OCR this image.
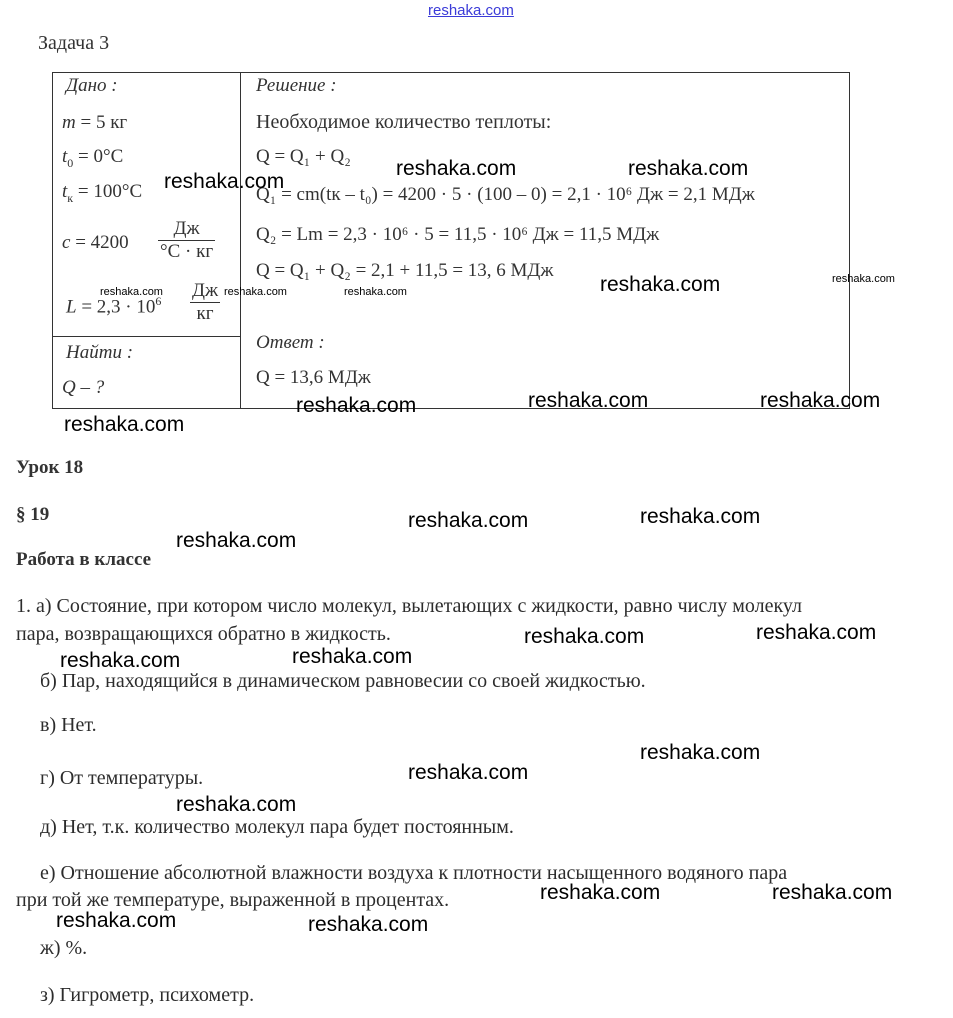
reshaka.com
Задача 3
Дано :
m = 5 кг
$t_0 = 0^\circ C$
$t_к = 100^\circ C$
c = 4200
Дж
°C · кг
$L = 2,3 \cdot 10^6$ Дж
кг
Найти :
Q – ?
Решение :
Необходимое количество теплоты:
Q = Q₁ + Q₂
Q₁ = cm(tк – t₀) = 4200 · 5 · (100 – 0) = 2,1 · 10⁶ Дж = 2,1 МДж
Q₂ = Lm = 2,3 · 10⁶ · 5 = 11,5 · 10⁶ Дж = 11,5 МДж
Q = Q₁ + Q₂ = 2,1 + 11,5 = 13, 6 МДж
Ответ :
Q = 13,6 МДж
Урок 18
§ 19
Работа в классе
1. а) Состояние, при котором число молекул, вылетающих с жидкости, равно числу молекул
пара, возвращающихся обратно в жидкость.
б) Пар, находящийся в динамическом равновесии со своей жидкостью.
в) Нет.
г) От температуры.
д) Нет, т.к. количество молекул пара будет постоянным.
е) Отношение абсолютной влажности воздуха к плотности насыщенного водяного пара
при той же температуре, выраженной в процентах.
ж) %.
з) Гигрометр, психометр.
reshaka.com	reshaka.com
reshaka.com
reshaka.com
reshaka.com	reshaka.com	reshaka.com
reshaka.com
reshaka.com	reshaka.com
reshaka.com
reshaka.com	reshaka.com
reshaka.com
reshaka.com
reshaka.com
reshaka.com
reshaka.com
reshaka.com	reshaka.com
reshaka.com	reshaka.com
reshaka.com	reshaka.com	reshaka.com
reshaka.com
